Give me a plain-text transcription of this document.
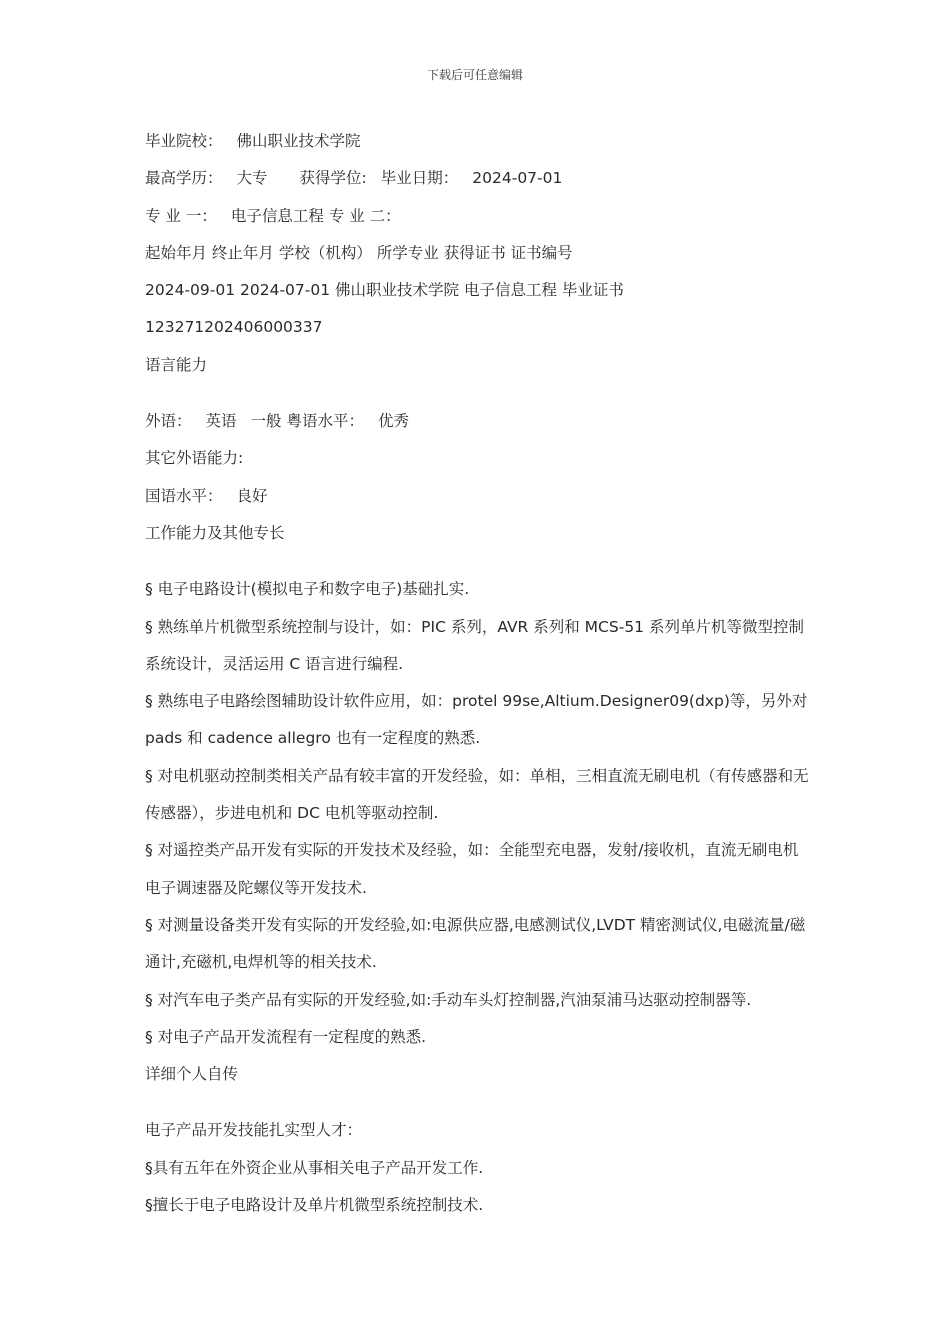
下载后可任意编辑
毕业院校： 佛山职业技术学院
最高学历： 大专 获得学位: 毕业日期： 2024-07-01
专 业 一： 电子信息工程 专 业 二：
起始年月 终止年月 学校（机构） 所学专业 获得证书 证书编号
2024-09-01 2024-07-01 佛山职业技术学院 电子信息工程 毕业证书
123271202406000337
语言能力
外语： 英语 一般 粤语水平： 优秀
其它外语能力:
国语水平： 良好
工作能力及其他专长
§ 电子电路设计(模拟电子和数字电子)基础扎实.
§ 熟练单片机微型系统控制与设计，如：PIC 系列，AVR 系列和 MCS-51 系列单片机等微型控制系统设计，灵活运用 C 语言进行编程.
§ 熟练电子电路绘图辅助设计软件应用，如：protel 99se,Altium.Designer09(dxp)等，另外对 pads 和 cadence allegro 也有一定程度的熟悉.
§ 对电机驱动控制类相关产品有较丰富的开发经验，如：单相，三相直流无刷电机（有传感器和无传感器），步进电机和 DC 电机等驱动控制.
§ 对遥控类产品开发有实际的开发技术及经验，如：全能型充电器，发射/接收机，直流无刷电机电子调速器及陀螺仪等开发技术.
§ 对测量设备类开发有实际的开发经验,如:电源供应器,电感测试仪,LVDT 精密测试仪,电磁流量/磁通计,充磁机,电焊机等的相关技术.
§ 对汽车电子类产品有实际的开发经验,如:手动车头灯控制器,汽油泵浦马达驱动控制器等.
§ 对电子产品开发流程有一定程度的熟悉.
详细个人自传
电子产品开发技能扎实型人才：
§具有五年在外资企业从事相关电子产品开发工作.
§擅长于电子电路设计及单片机微型系统控制技术.
